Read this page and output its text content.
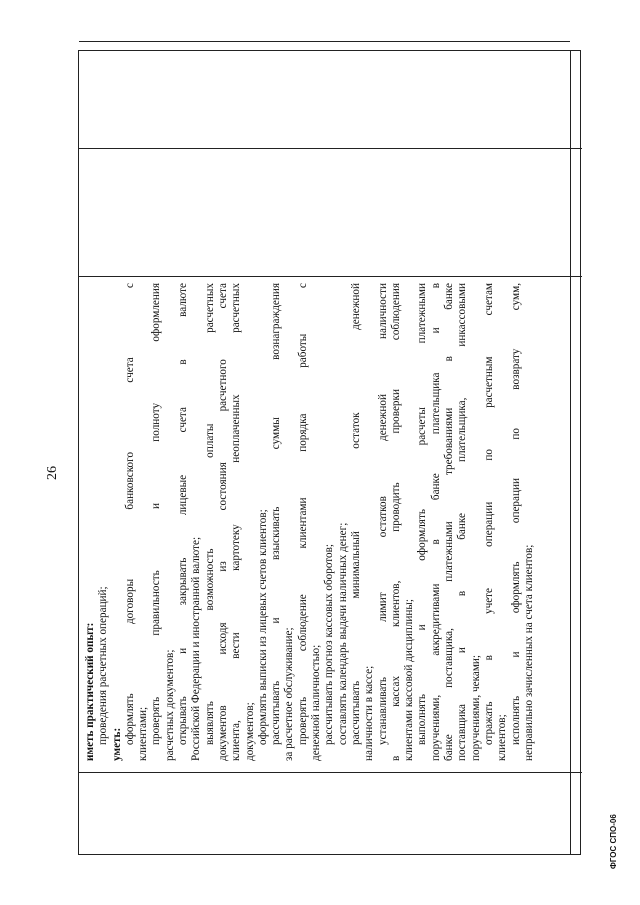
26
иметь практический опыт: проведения расчетных операций; уметь: оформлять договоры банковского счета с клиентами; проверять правильность и полноту оформления расчетных документов; открывать и закрывать лицевые счета в валюте Российской Федерации и иностранной валюте; выявлять возможность оплаты расчетных документов исходя из состояния расчетного счета клиента, вести картотеку неоплаченных расчетных документов; оформлять выписки из лицевых счетов клиентов; рассчитывать и взыскивать суммы вознаграждения за расчетное обслуживание; проверять соблюдение клиентами порядка работы с денежной наличностью; рассчитывать прогноз кассовых оборотов; составлять календарь выдачи наличных денег; рассчитывать минимальный остаток денежной наличности в кассе; устанавливать лимит остатков денежной наличности в кассах клиентов, проводить проверки соблюдения клиентами кассовой дисциплины; выполнять и оформлять расчеты платежными поручениями, аккредитивами в банке плательщика и в банке поставщика, платежными требованиями в банке поставщика и в банке плательщика, инкассовыми поручениями, чеками; отражать в учете операции по расчетным счетам клиентов; исполнять и оформлять операции по возврату сумм, неправильно зачисленных на счета клиентов;
ФГОС СПО-06
